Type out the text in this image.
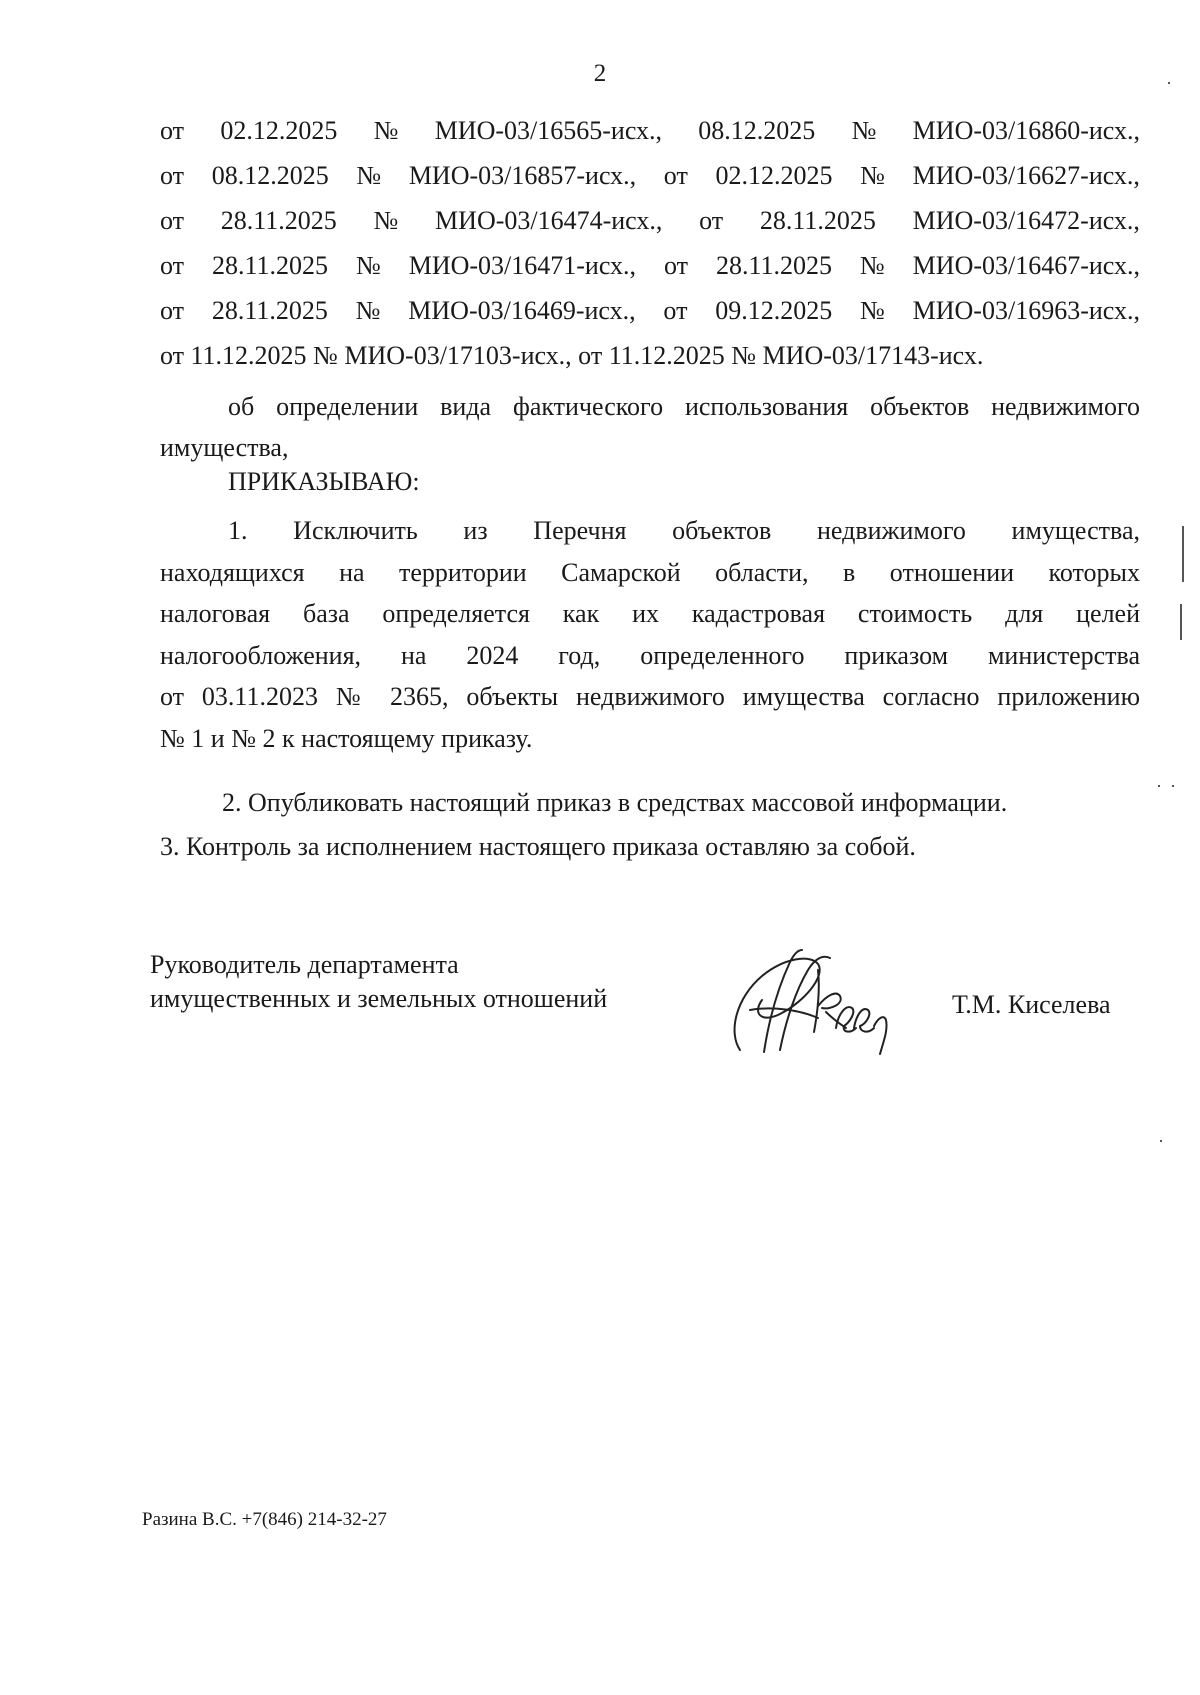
2
от 02.12.2025 № МИО-03/16565-исх., 08.12.2025 № МИО-03/16860-исх.,
от 08.12.2025 № МИО-03/16857-исх., от 02.12.2025 № МИО-03/16627-исх.,
от 28.11.2025 № МИО-03/16474-исх., от 28.11.2025 МИО-03/16472-исх.,
от 28.11.2025 № МИО-03/16471-исх., от 28.11.2025 № МИО-03/16467-исх.,
от 28.11.2025 № МИО-03/16469-исх., от 09.12.2025 № МИО-03/16963-исх.,
от 11.12.2025 № МИО-03/17103-исх., от 11.12.2025 № МИО-03/17143-исх.
об определении вида фактического использования объектов недвижимого
имущества,
ПРИКАЗЫВАЮ:
1. Исключить из Перечня объектов недвижимого имущества,
находящихся на территории Самарской области, в отношении которых
налоговая база определяется как их кадастровая стоимость для целей
налогообложения, на 2024 год, определенного приказом министерства
от 03.11.2023 № 2365, объекты недвижимого имущества согласно приложению
№ 1 и № 2 к настоящему приказу.
2. Опубликовать настоящий приказ в средствах массовой информации.
3. Контроль за исполнением настоящего приказа оставляю за собой.
Руководитель департамента
имущественных и земельных отношений	Т.М. Киселева
Разина В.С. +7(846) 214-32-27
